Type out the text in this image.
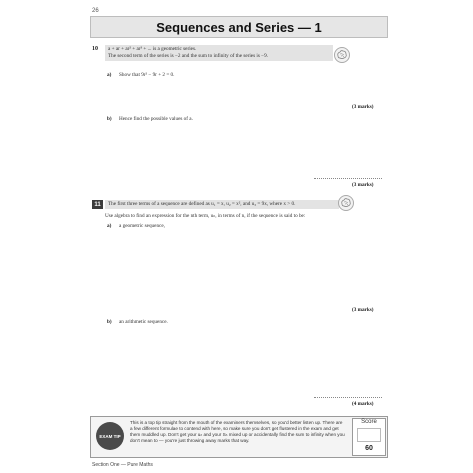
26
Sequences and Series — 1
10 a + ar + ar² + ar³ + ... is a geometric series.
The second term of the series is −2 and the sum to infinity of the series is −9.
a) Show that 9r² − 9r + 2 = 0.
(3 marks)
b) Hence find the possible values of a.
(3 marks)
11	The first three terms of a sequence are defined as u₁ = x, u₂ = x², and u₃ = 9x, where x > 0.
Use algebra to find an expression for the nth term, uₙ, in terms of n, if the sequence is said to be:
a) a geometric sequence,
(3 marks)
b) an arithmetic sequence.
(4 marks)
EXAM TIP
This is a top tip straight from the mouth of the examiners themselves, so you'd better listen up. There are a few different formulae to contend with here, so make sure you don't get flustered in the exam and get them muddled up. Don't get your uₙ and your Sₙ mixed up or accidentally find the sum to infinity when you don't mean to — you're just throwing away marks that way.
Score
60
Section One — Pure Maths
